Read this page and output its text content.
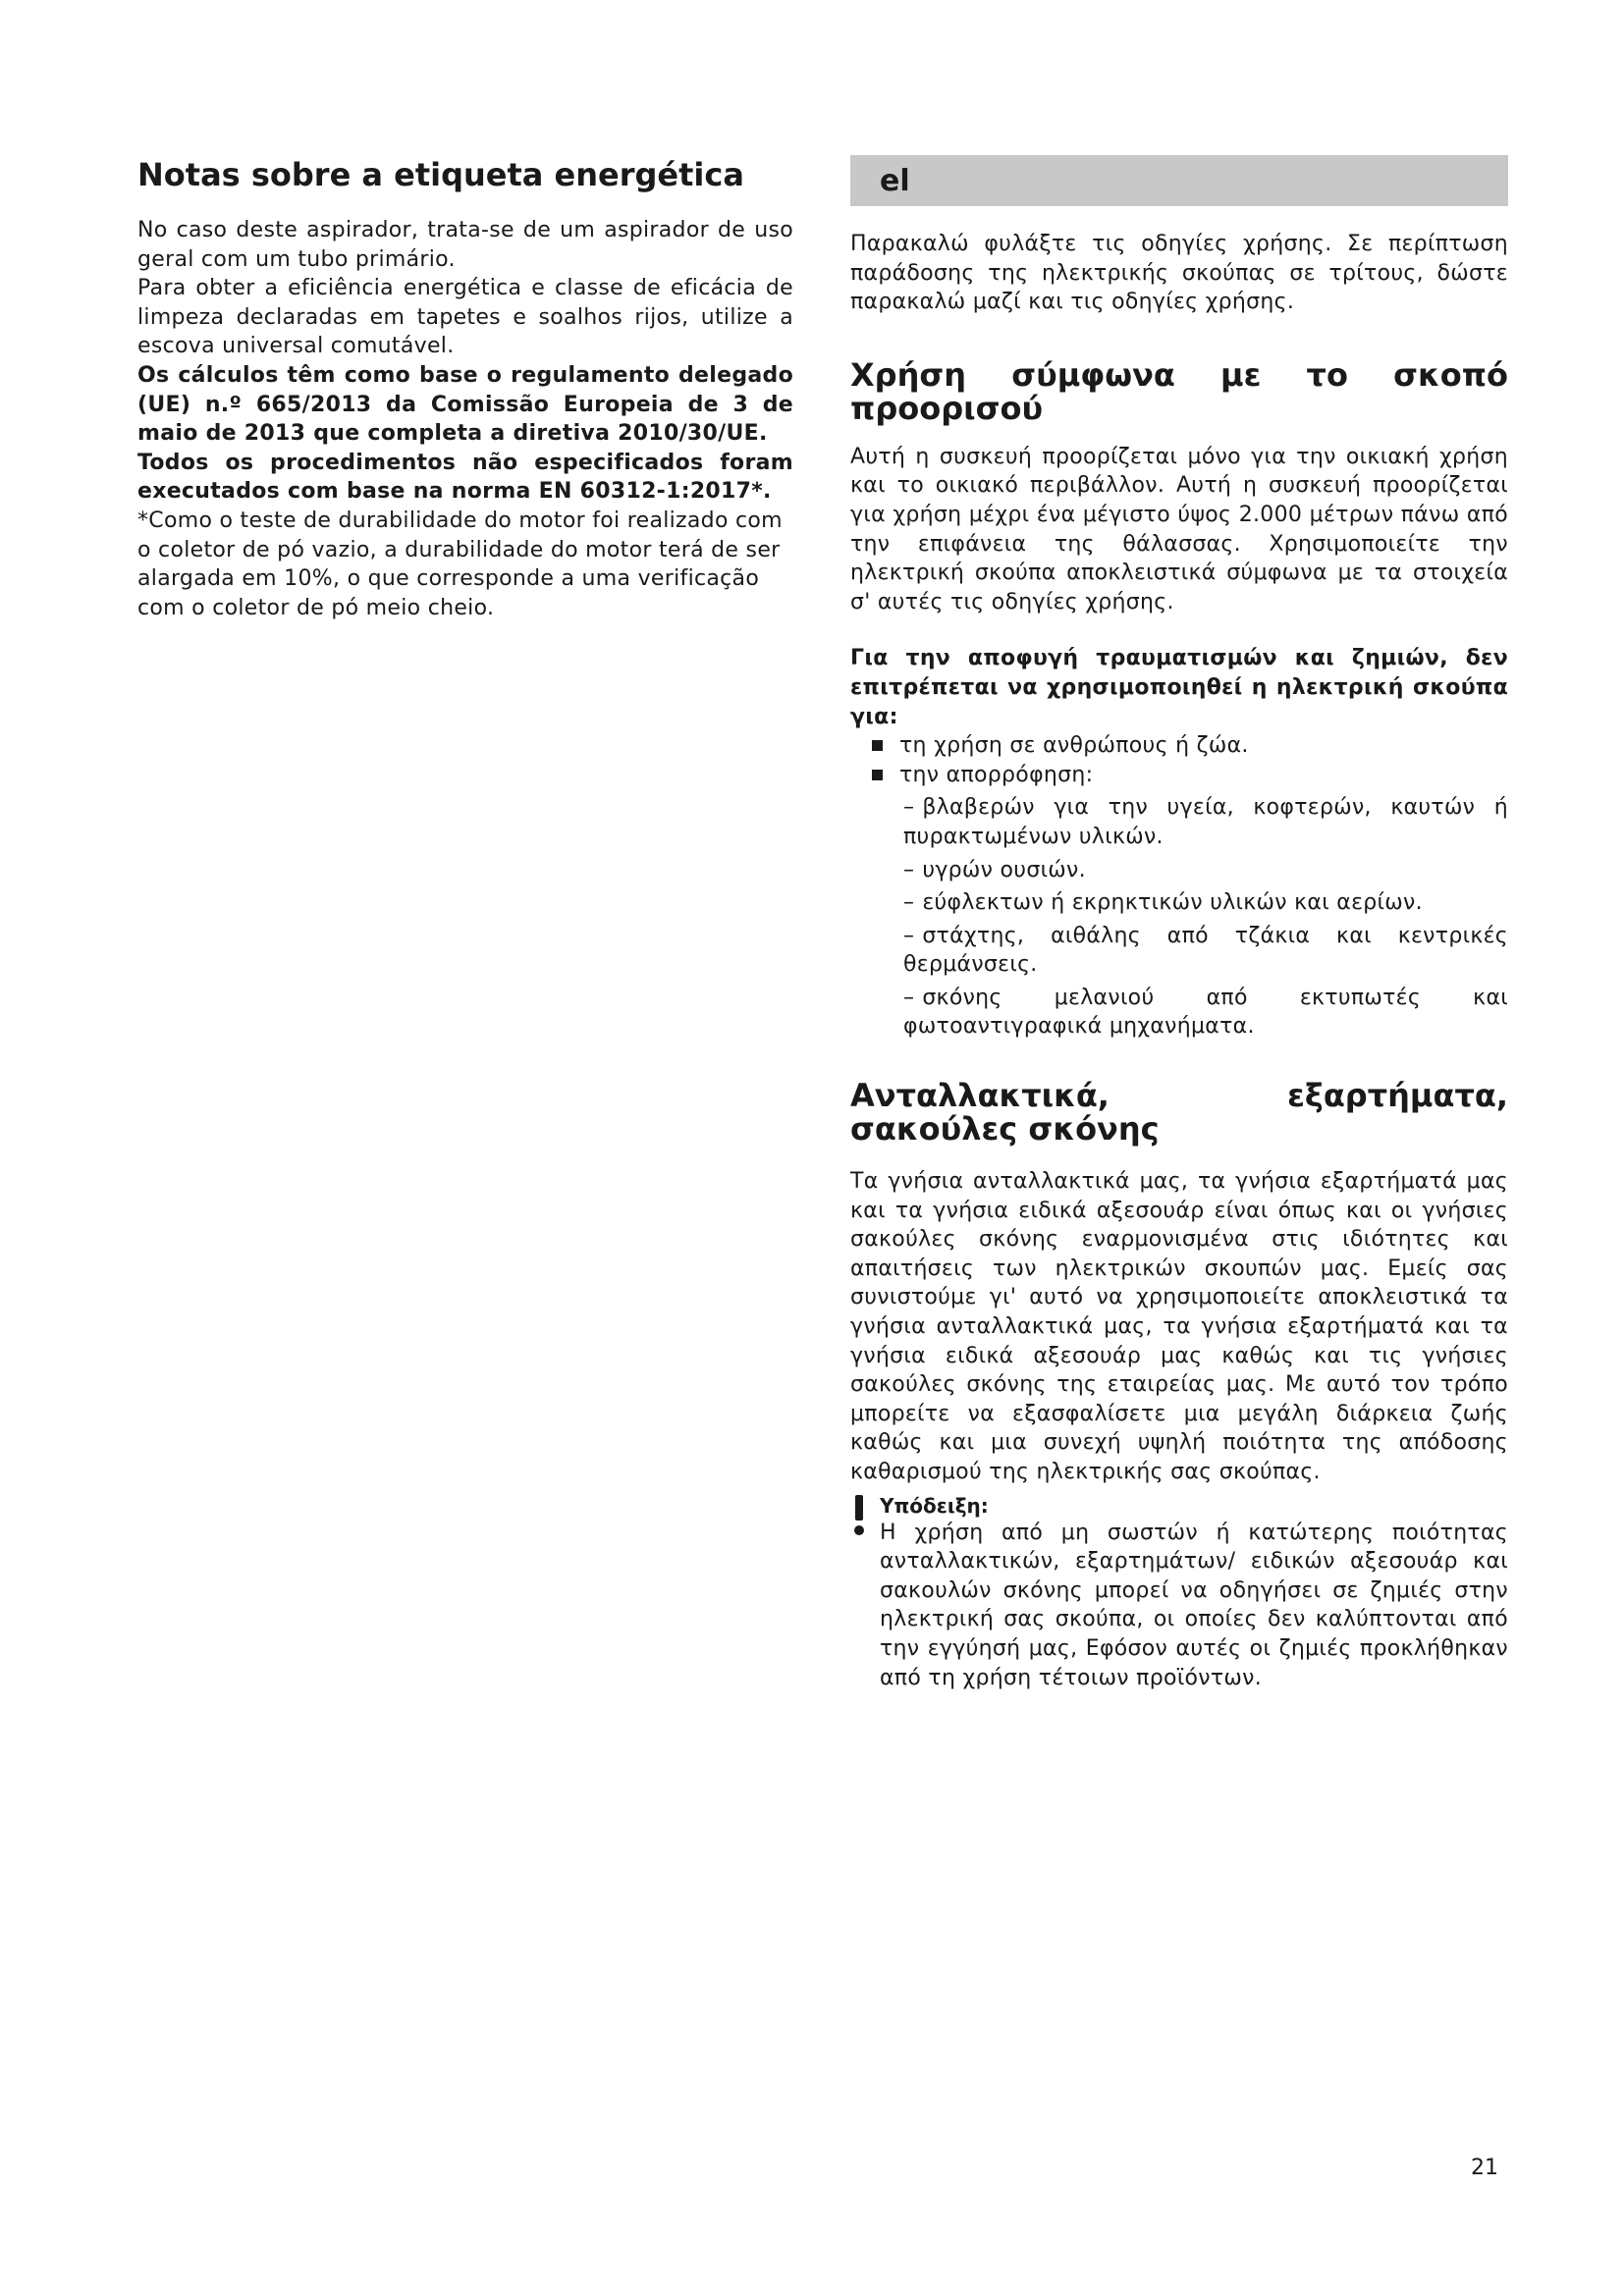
Notas sobre a etiqueta energética

No caso deste aspirador, trata-se de um aspirador de uso geral com um tubo primário.

Para obter a eficiência energética e classe de eficácia de limpeza declaradas em tapetes e soalhos rijos, utilize a escova universal comutável.

Os cálculos têm como base o regulamento delegado (UE) n.º 665/2013 da Comissão Europeia de 3 de maio de 2013 que completa a diretiva 2010/30/UE.

Todos os procedimentos não especificados foram executados com base na norma EN 60312-1:2017*.

*Como o teste de durabilidade do motor foi realizado com o coletor de pó vazio, a durabilidade do motor terá de ser alargada em 10%, o que corresponde a uma verificação com o coletor de pó meio cheio.

el

Παρακαλώ φυλάξτε τις οδηγίες χρήσης. Σε περίπτωση παράδοσης της ηλεκτρικής σκούπας σε τρίτους, δώστε παρακαλώ μαζί και τις οδηγίες χρήσης.

Χρήση σύμφωνα με το σκοπό προορισού

Αυτή η συσκευή προορίζεται μόνο για την οικιακή χρήση και το οικιακό περιβάλλον. Αυτή η συσκευή προορίζεται για χρήση μέχρι ένα μέγιστο ύψος 2.000 μέτρων πάνω από την επιφάνεια της θάλασσας. Χρησιμοποιείτε την ηλεκτρική σκούπα αποκλειστικά σύμφωνα με τα στοιχεία σ' αυτές τις οδηγίες χρήσης.

Για την αποφυγή τραυματισμών και ζημιών, δεν επιτρέπεται να χρησιμοποιηθεί η ηλεκτρική σκούπα για:

τη χρήση σε ανθρώπους ή ζώα.
την απορρόφηση:
– βλαβερών για την υγεία, κοφτερών, καυτών ή πυρακτωμένων υλικών.
– υγρών ουσιών.
– εύφλεκτων ή εκρηκτικών υλικών και αερίων.
– στάχτης, αιθάλης από τζάκια και κεντρικές θερμάνσεις.
– σκόνης μελανιού από εκτυπωτές και φωτοαντιγραφικά μηχανήματα.
Ανταλλακτικά, εξαρτήματα, σακούλες σκόνης

Τα γνήσια ανταλλακτικά μας, τα γνήσια εξαρτήματά μας και τα γνήσια ειδικά αξεσουάρ είναι όπως και οι γνήσιες σακούλες σκόνης εναρμονισμένα στις ιδιότητες και απαιτήσεις των ηλεκτρικών σκουπών μας. Εμείς σας συνιστούμε γι' αυτό να χρησιμοποιείτε αποκλειστικά τα γνήσια ανταλλακτικά μας, τα γνήσια εξαρτήματά και τα γνήσια ειδικά αξεσουάρ μας καθώς και τις γνήσιες σακούλες σκόνης της εταιρείας μας. Με αυτό τον τρόπο μπορείτε να εξασφαλίσετε μια μεγάλη διάρκεια ζωής καθώς και μια συνεχή υψηλή ποιότητα της απόδοσης καθαρισμού της ηλεκτρικής σας σκούπας.

Υπόδειξη:

Η χρήση από μη σωστών ή κατώτερης ποιότητας ανταλλακτικών, εξαρτημάτων/ ειδικών αξεσουάρ και σακουλών σκόνης μπορεί να οδηγήσει σε ζημιές στην ηλεκτρική σας σκούπα, οι οποίες δεν καλύπτονται από την εγγύησή μας, Εφόσον αυτές οι ζημιές προκλήθηκαν από τη χρήση τέτοιων προϊόντων.

21
